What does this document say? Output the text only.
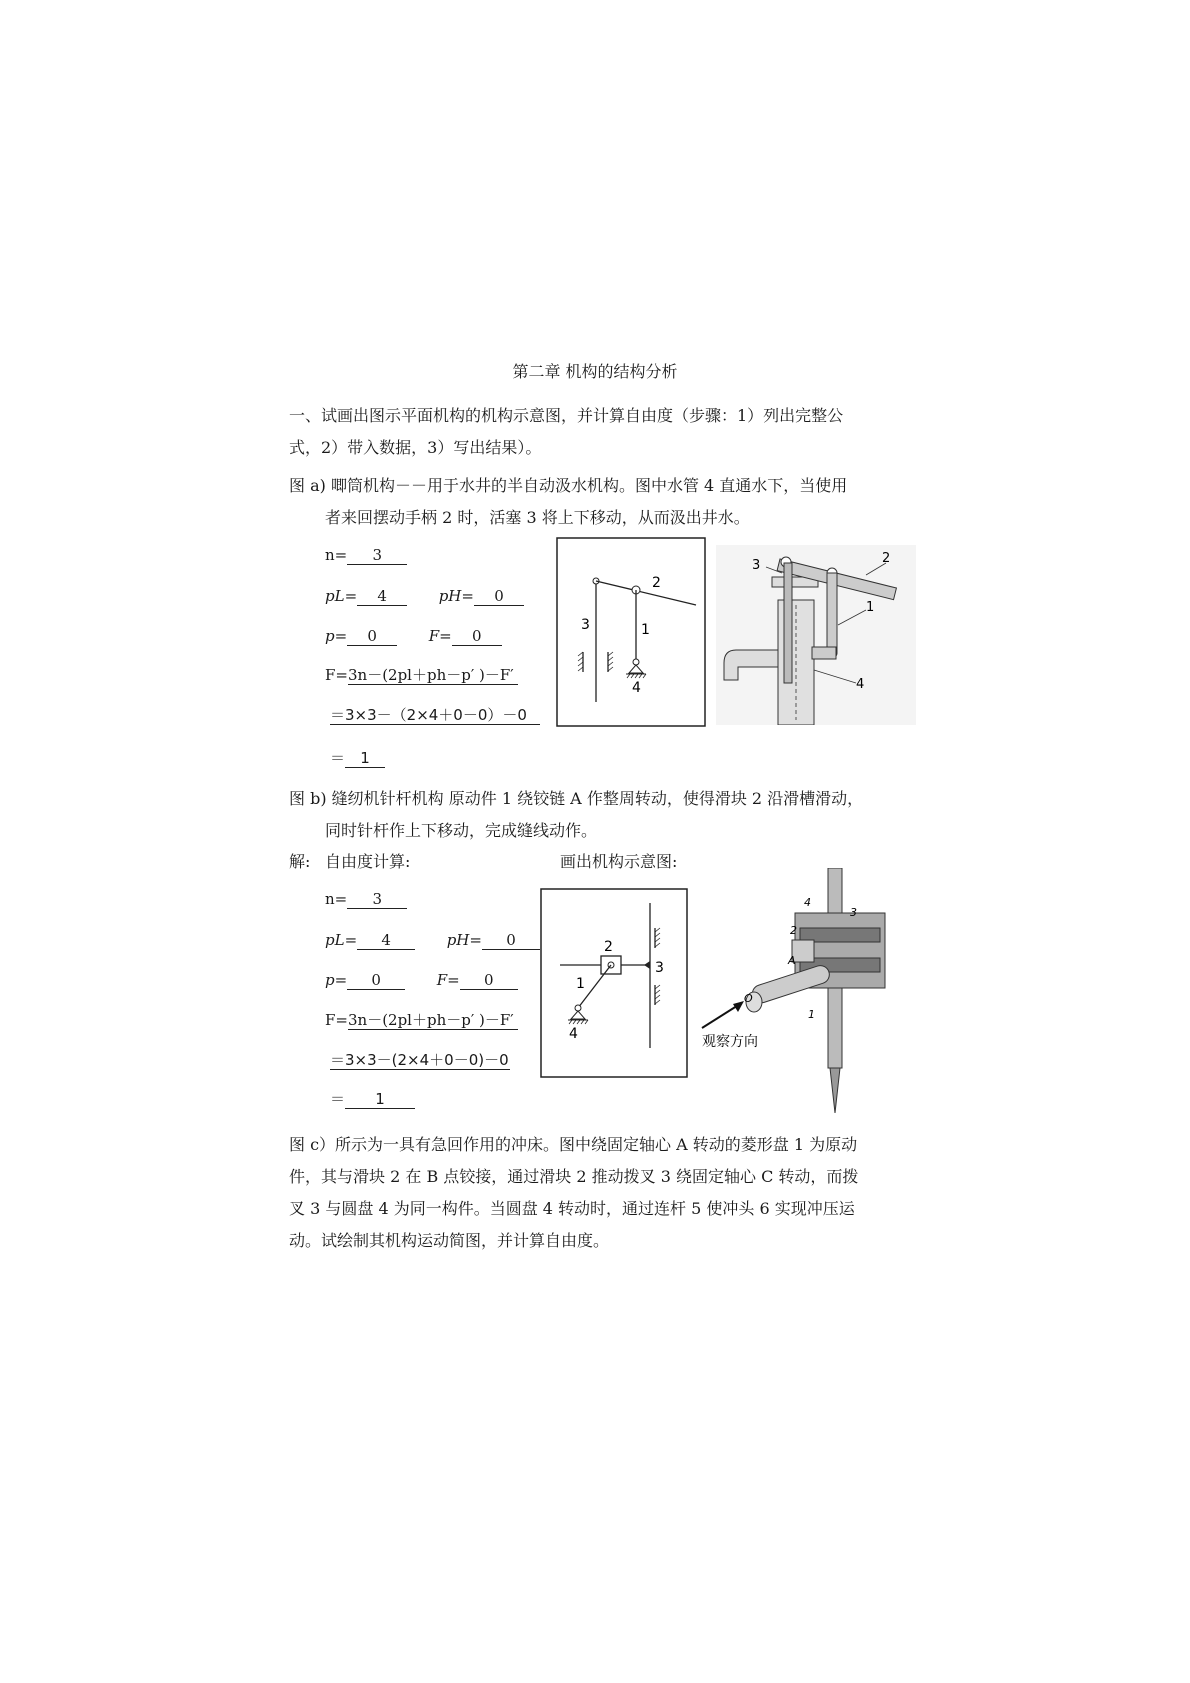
第二章 机构的结构分析
一、试画出图示平面机构的机构示意图，并计算自由度（步骤：1）列出完整公
式，2）带入数据，3）写出结果）。
图 a) 唧筒机构－－用于水井的半自动汲水机构。图中水管 4 直通水下，当使用
者来回摆动手柄 2 时，活塞 3 将上下移动，从而汲出井水。
n= 3
pL= 4	pH= 0
p= 0	F= 0
F=3n－(2pl＋ph－p′ )－F′
＝3×3－（2×4＋0－0）－0
＝ 1
2
3	1
4
2
1
3
4
图 b) 缝纫机针杆机构 原动件 1 绕铰链 A 作整周转动，使得滑块 2 沿滑槽滑动，
同时针杆作上下移动，完成缝线动作。
解: 自由度计算:	画出机构示意图:
n= 3
pL= 4	pH= 0
p= 0	F= 0
F=3n－(2pl＋ph－p′ )－F′
＝3×3－(2×4＋0－0)－0
＝ 1
2
3
1
4
4
3
2
A
O
1
观察方向
图 c）所示为一具有急回作用的冲床。图中绕固定轴心 A 转动的菱形盘 1 为原动
件，其与滑块 2 在 B 点铰接，通过滑块 2 推动拨叉 3 绕固定轴心 C 转动，而拨
叉 3 与圆盘 4 为同一构件。当圆盘 4 转动时，通过连杆 5 使冲头 6 实现冲压运
动。试绘制其机构运动简图，并计算自由度。
